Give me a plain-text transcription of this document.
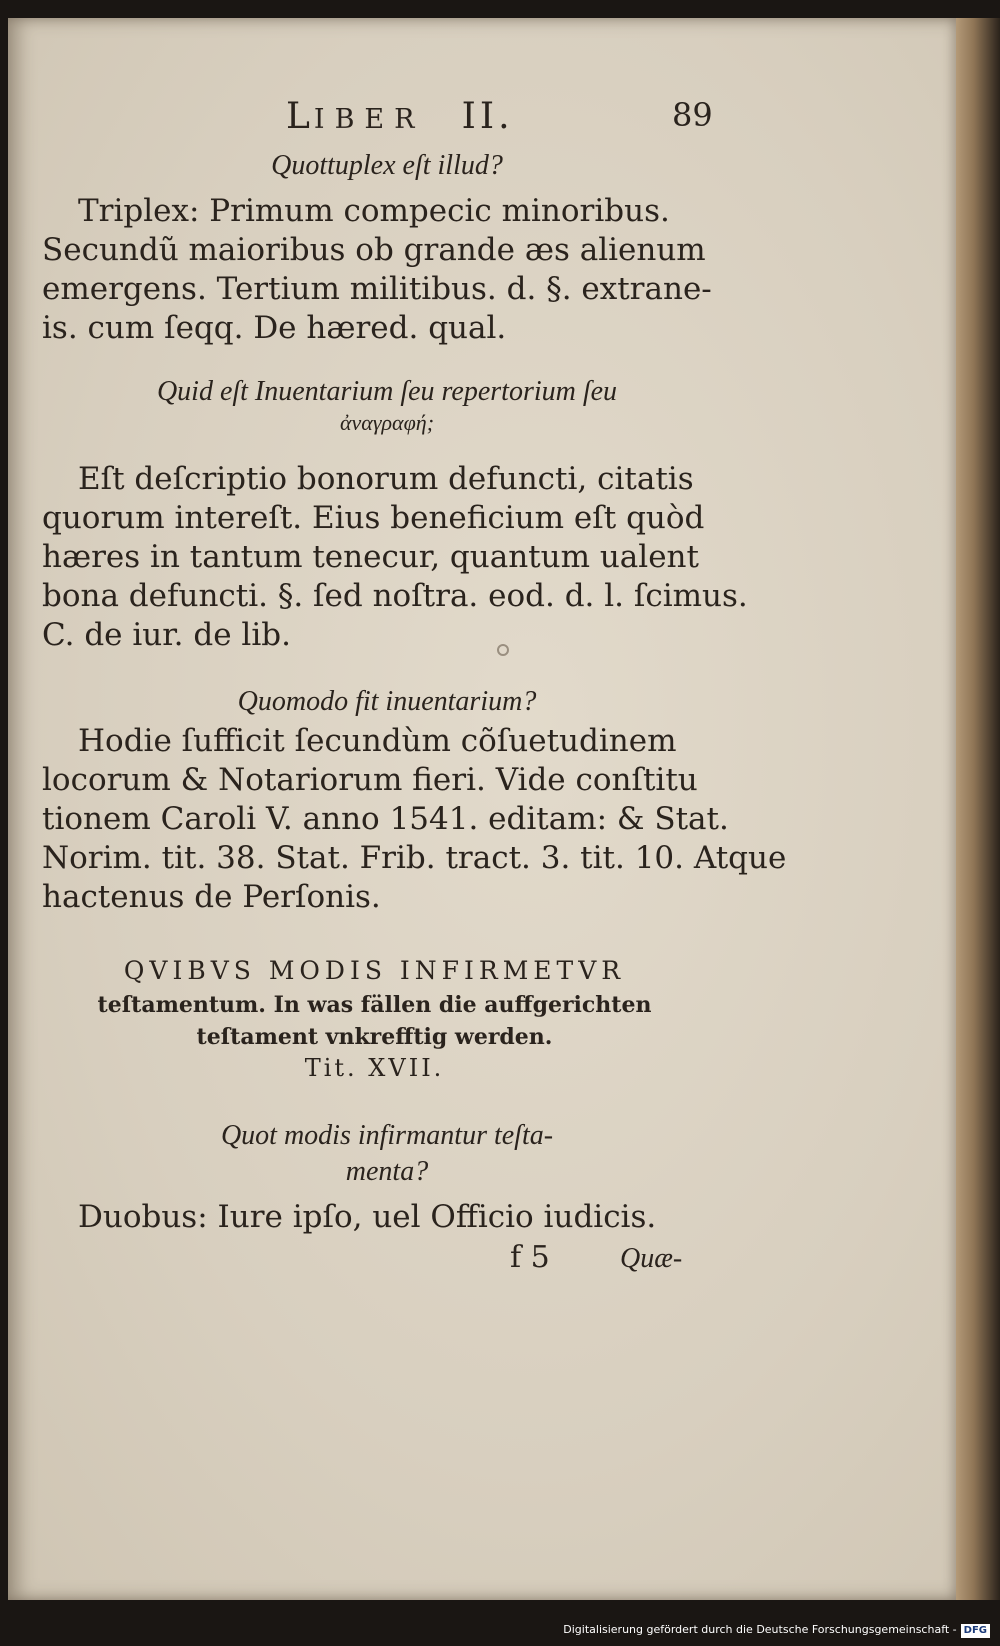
LIBER II.	89
Quottuplex eſt illud?
Triplex: Primum compecic minoribus.
Secundũ maioribus ob grande æs alienum
emergens. Tertium militibus. d. §. extrane-
is. cum ſeqq. De hæred. qual.
Quid eſt Inuentarium ſeu repertorium ſeu
ἀναγραφή;
Eſt deſcriptio bonorum defuncti, citatis
quorum intereſt. Eius beneficium eſt quòd
hæres in tantum tenecur, quantum ualent
bona defuncti. §. ſed noſtra. eod. d. l. ſcimus.
C. de iur. de lib.
Quomodo fit inuentarium?
Hodie ſufficit ſecundùm cõſuetudinem
locorum & Notariorum fieri. Vide conſtitu
tionem Caroli V. anno 1541. editam: & Stat.
Norim. tit. 38. Stat. Frib. tract. 3. tit. 10. Atque
hactenus de Perſonis.
QVIBVS MODIS INFIRMETVR
teſtamentum. In was fällen die auffgerichten
teſtament vnkrefftig werden.
Tit. XVII.
Quot modis infirmantur teſta-
menta?
Duobus: Iure ipſo, uel Officio iudicis.
f 5	Quæ-
Digitalisierung gefördert durch die Deutsche Forschungsgemeinschaft - DFG
